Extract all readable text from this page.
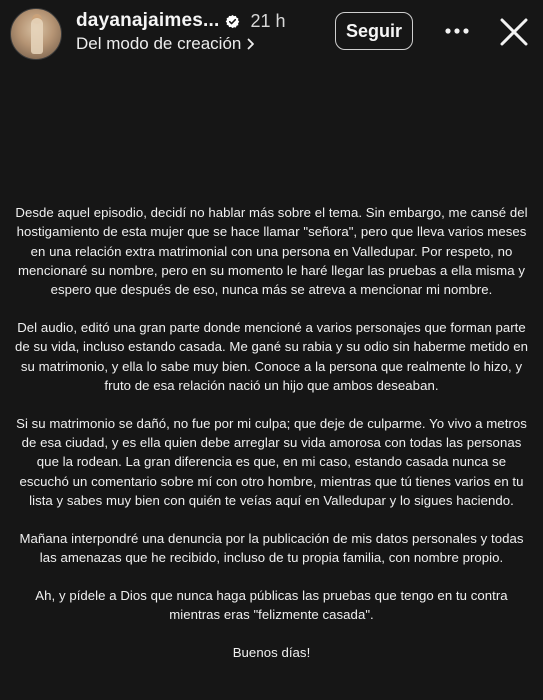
dayanajaimes... 21 h
Del modo de creación
Seguir

Desde aquel episodio, decidí no hablar más sobre el tema. Sin embargo, me cansé del hostigamiento de esta mujer que se hace llamar "señora", pero que lleva varios meses en una relación extra matrimonial con una persona en Valledupar. Por respeto, no mencionaré su nombre, pero en su momento le haré llegar las pruebas a ella misma y espero que después de eso, nunca más se atreva a mencionar mi nombre.

Del audio, editó una gran parte donde mencioné a varios personajes que forman parte de su vida, incluso estando casada. Me gané su rabia y su odio sin haberme metido en su matrimonio, y ella lo sabe muy bien. Conoce a la persona que realmente lo hizo, y fruto de esa relación nació un hijo que ambos deseaban.

Si su matrimonio se dañó, no fue por mi culpa; que deje de culparme. Yo vivo a metros de esa ciudad, y es ella quien debe arreglar su vida amorosa con todas las personas que la rodean. La gran diferencia es que, en mi caso, estando casada nunca se escuchó un comentario sobre mí con otro hombre, mientras que tú tienes varios en tu lista y sabes muy bien con quién te veías aquí en Valledupar y lo sigues haciendo.

Mañana interpondré una denuncia por la publicación de mis datos personales y todas las amenazas que he recibido, incluso de tu propia familia, con nombre propio.

Ah, y pídele a Dios que nunca haga públicas las pruebas que tengo en tu contra mientras eras "felizmente casada".

Buenos días!
